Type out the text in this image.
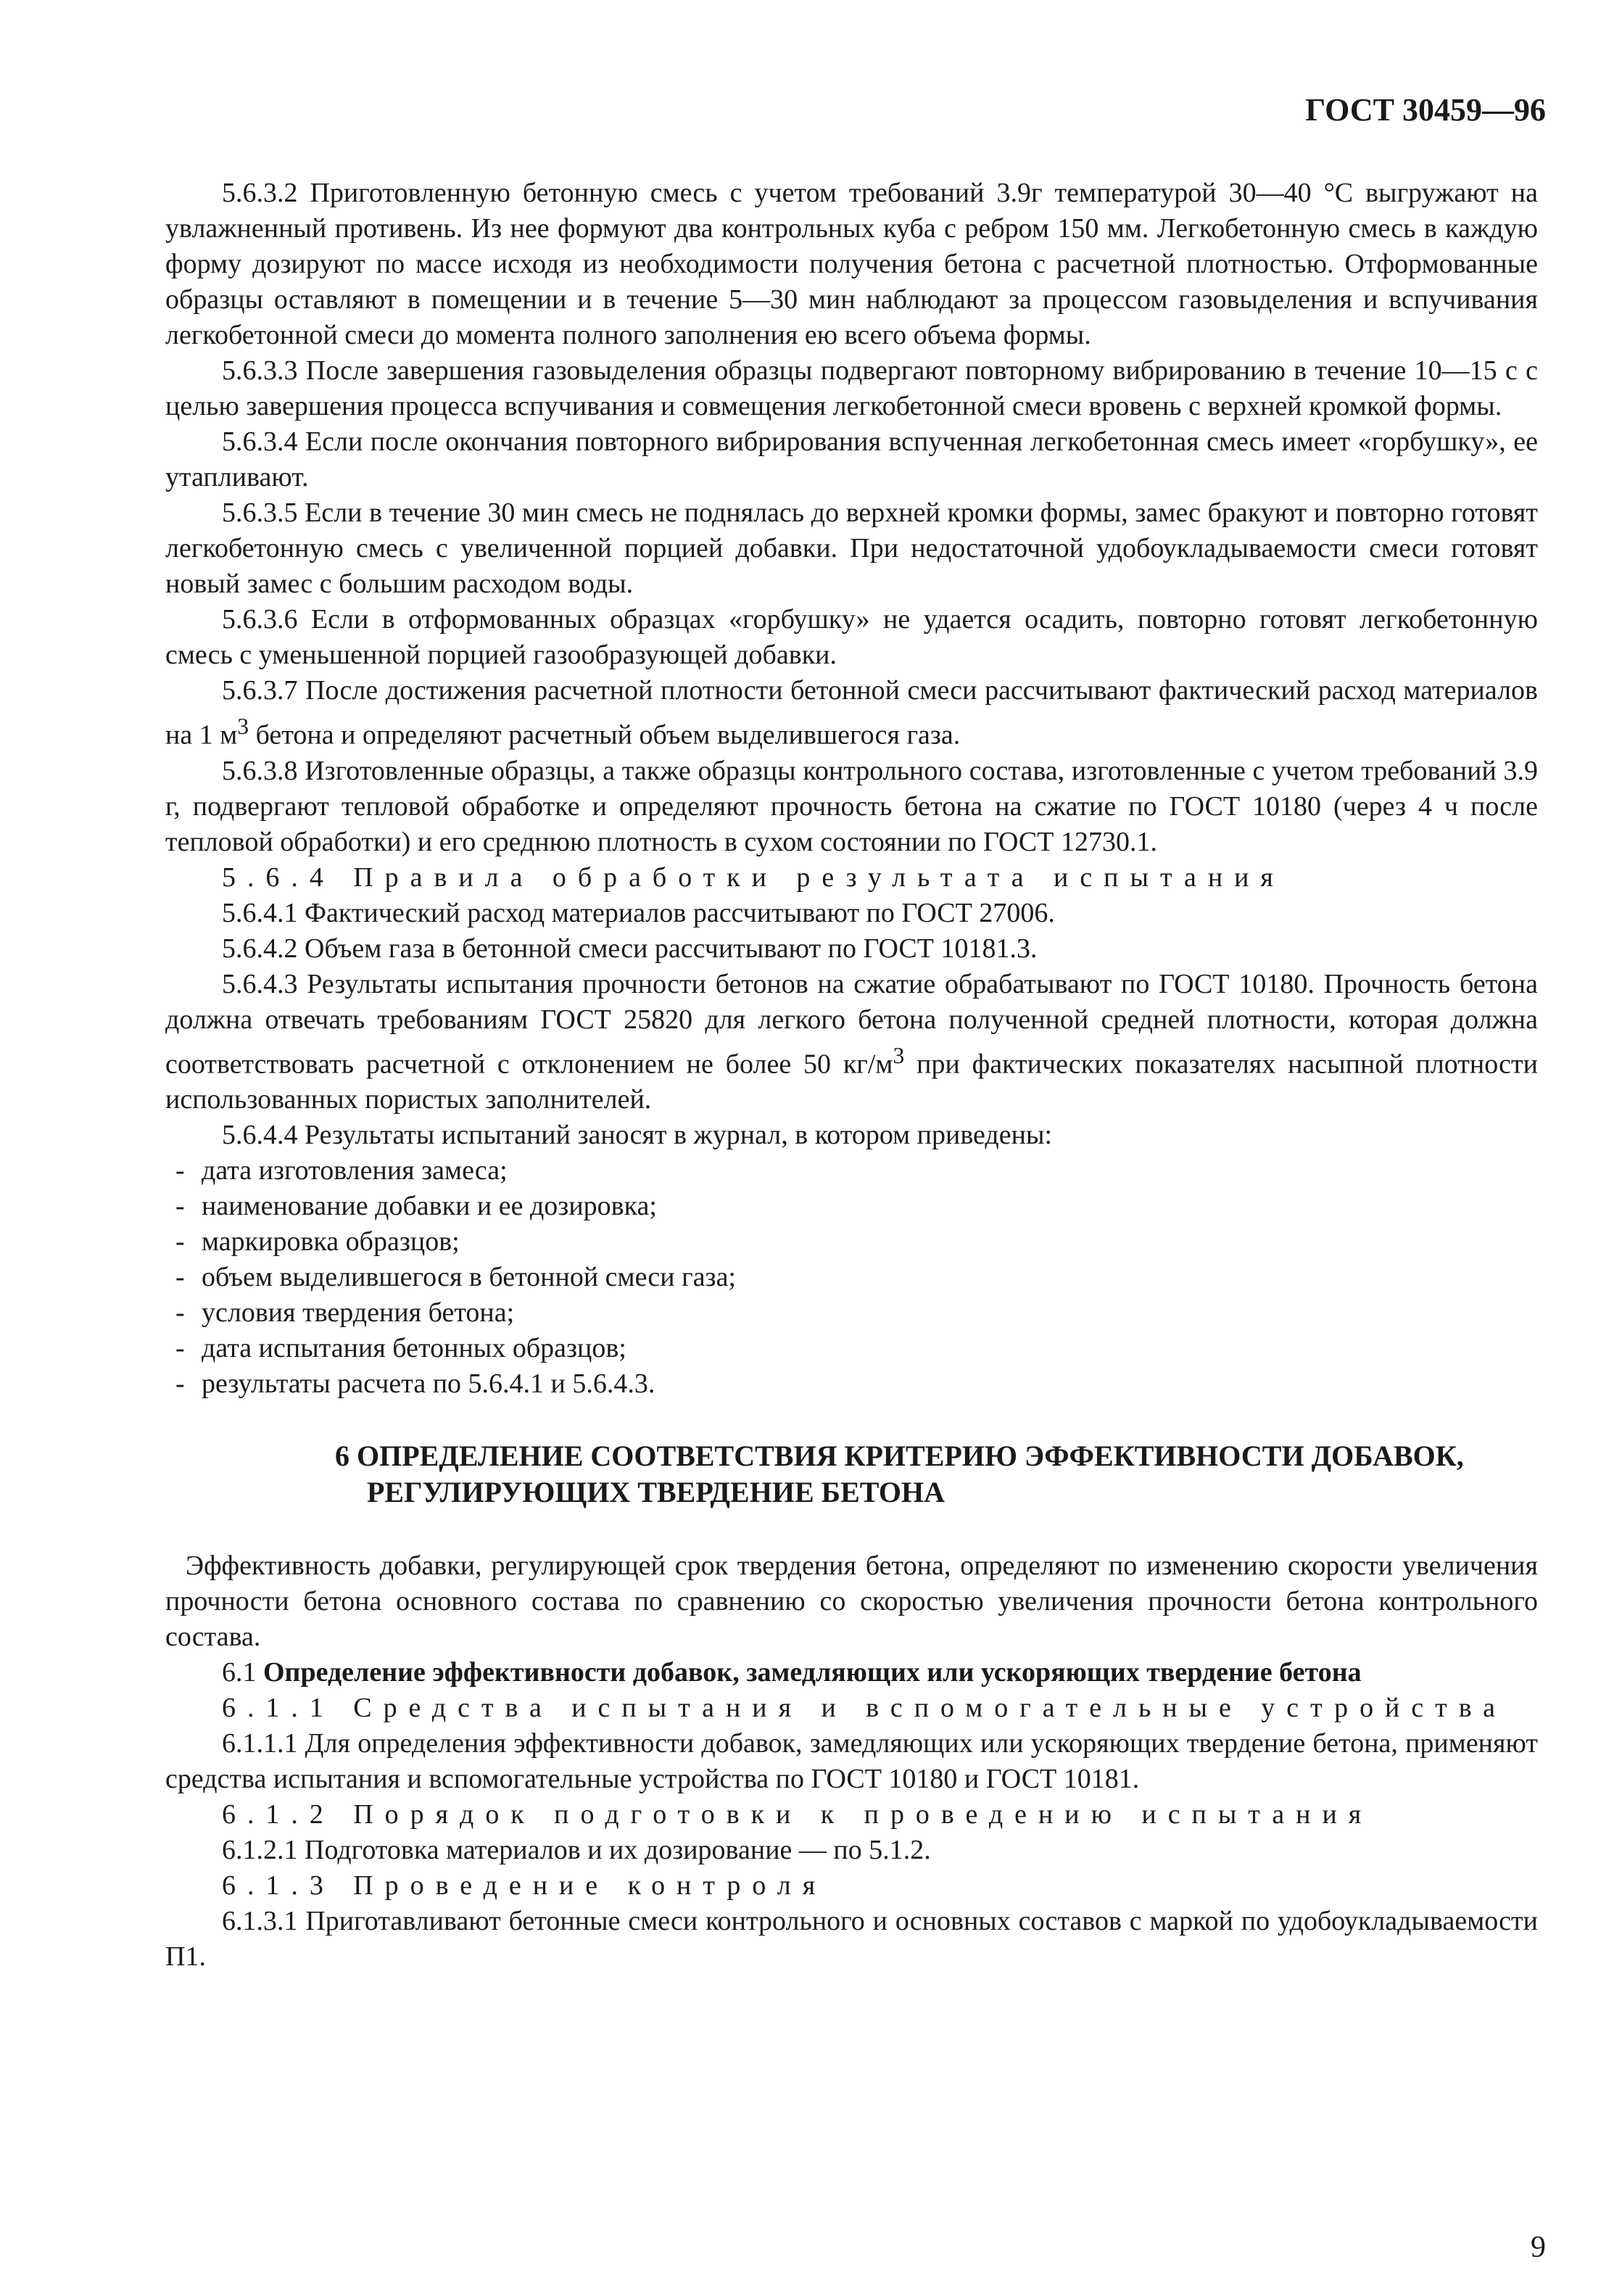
ГОСТ 30459—96

5.6.3.2 Приготовленную бетонную смесь с учетом требований 3.9г температурой 30—40 °С выгружают на увлажненный противень. Из нее формуют два контрольных куба с ребром 150 мм. Легкобетонную смесь в каждую форму дозируют по массе исходя из необходимости получения бетона с расчетной плотностью. Отформованные образцы оставляют в помещении и в течение 5—30 мин наблюдают за процессом газовыделения и вспучивания легкобетонной смеси до момента полного заполнения ею всего объема формы.

5.6.3.3 После завершения газовыделения образцы подвергают повторному вибрированию в течение 10—15 с с целью завершения процесса вспучивания и совмещения легкобетонной смеси вровень с верхней кромкой формы.

5.6.3.4 Если после окончания повторного вибрирования вспученная легкобетонная смесь имеет «горбушку», ее утапливают.

5.6.3.5 Если в течение 30 мин смесь не поднялась до верхней кромки формы, замес бракуют и повторно готовят легкобетонную смесь с увеличенной порцией добавки. При недостаточной удобоукладываемости смеси готовят новый замес с большим расходом воды.

5.6.3.6 Если в отформованных образцах «горбушку» не удается осадить, повторно готовят легкобетонную смесь с уменьшенной порцией газообразующей добавки.

5.6.3.7 После достижения расчетной плотности бетонной смеси рассчитывают фактический расход материалов на 1 $м^3$ бетона и определяют расчетный объем выделившегося газа.

5.6.3.8 Изготовленные образцы, а также образцы контрольного состава, изготовленные с учетом требований 3.9 г, подвергают тепловой обработке и определяют прочность бетона на сжатие по ГОСТ 10180 (через 4 ч после тепловой обработки) и его среднюю плотность в сухом состоянии по ГОСТ 12730.1.

5.6.4 Правила обработки результата испытания

5.6.4.1 Фактический расход материалов рассчитывают по ГОСТ 27006.

5.6.4.2 Объем газа в бетонной смеси рассчитывают по ГОСТ 10181.3.

5.6.4.3 Результаты испытания прочности бетонов на сжатие обрабатывают по ГОСТ 10180. Прочность бетона должна отвечать требованиям ГОСТ 25820 для легкого бетона полученной средней плотности, которая должна соответствовать расчетной с отклонением не более 50 $кг/м^3$ при фактических показателях насыпной плотности использованных пористых заполнителей.

5.6.4.4 Результаты испытаний заносят в журнал, в котором приведены:

- дата изготовления замеса;
- наименование добавки и ее дозировка;
- маркировка образцов;
- объем выделившегося в бетонной смеси газа;
- условия твердения бетона;
- дата испытания бетонных образцов;
- результаты расчета по 5.6.4.1 и 5.6.4.3.
6 ОПРЕДЕЛЕНИЕ СООТВЕТСТВИЯ КРИТЕРИЮ ЭФФЕКТИВНОСТИ ДОБАВОК,
РЕГУЛИРУЮЩИХ ТВЕРДЕНИЕ БЕТОНА

Эффективность добавки, регулирующей срок твердения бетона, определяют по изменению скорости увеличения прочности бетона основного состава по сравнению со скоростью увеличения прочности бетона контрольного состава.

6.1 Определение эффективности добавок, замедляющих или ускоряющих твердение бетона

6.1.1 Средства испытания и вспомогательные устройства

6.1.1.1 Для определения эффективности добавок, замедляющих или ускоряющих твердение бетона, применяют средства испытания и вспомогательные устройства по ГОСТ 10180 и ГОСТ 10181.

6.1.2 Порядок подготовки к проведению испытания

6.1.2.1 Подготовка материалов и их дозирование — по 5.1.2.

6.1.3 Проведение контроля

6.1.3.1 Приготавливают бетонные смеси контрольного и основных составов с маркой по удобоукладываемости П1.

9
